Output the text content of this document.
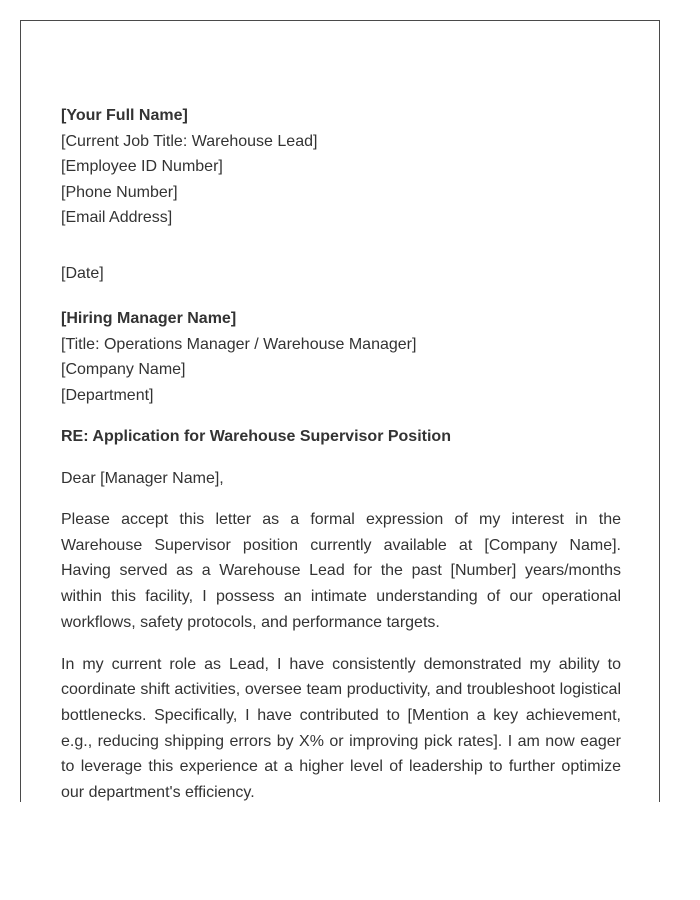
[Your Full Name]
[Current Job Title: Warehouse Lead]
[Employee ID Number]
[Phone Number]
[Email Address]
[Date]
[Hiring Manager Name]
[Title: Operations Manager / Warehouse Manager]
[Company Name]
[Department]
RE: Application for Warehouse Supervisor Position
Dear [Manager Name],

Please accept this letter as a formal expression of my interest in the Warehouse Supervisor position currently available at [Company Name]. Having served as a Warehouse Lead for the past [Number] years/months within this facility, I possess an intimate understanding of our operational workflows, safety protocols, and performance targets.

In my current role as Lead, I have consistently demonstrated my ability to coordinate shift activities, oversee team productivity, and troubleshoot logistical bottlenecks. Specifically, I have contributed to [Mention a key achievement, e.g., reducing shipping errors by X% or improving pick rates]. I am now eager to leverage this experience at a higher level of leadership to further optimize our department's efficiency.
